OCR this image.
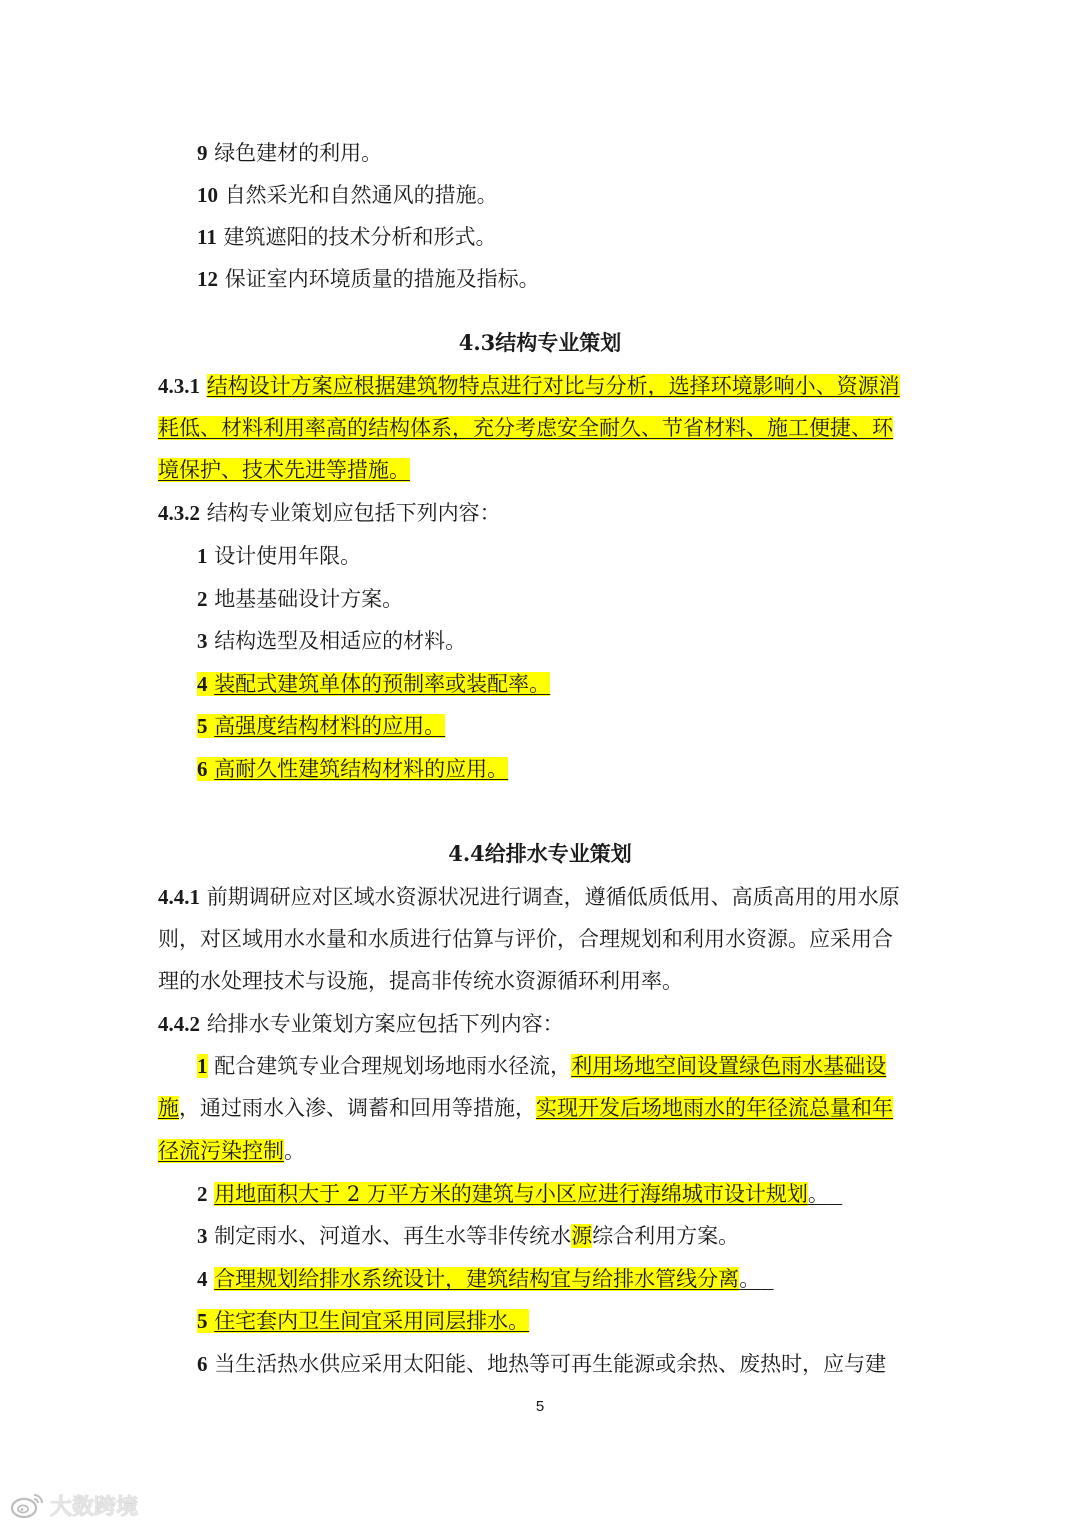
9 绿色建材的利用。
10 自然采光和自然通风的措施。
11 建筑遮阳的技术分析和形式。
12 保证室内环境质量的措施及指标。
4.3结构专业策划
4.3.1 结构设计方案应根据建筑物特点进行对比与分析，选择环境影响小、资源消
耗低、材料利用率高的结构体系，充分考虑安全耐久、节省材料、施工便捷、环
境保护、技术先进等措施。
4.3.2 结构专业策划应包括下列内容：
1 设计使用年限。
2 地基基础设计方案。
3 结构选型及相适应的材料。
4 装配式建筑单体的预制率或装配率。
5 高强度结构材料的应用。
6 高耐久性建筑结构材料的应用。
4.4给排水专业策划
4.4.1 前期调研应对区域水资源状况进行调查，遵循低质低用、高质高用的用水原
则，对区域用水水量和水质进行估算与评价，合理规划和利用水资源。应采用合
理的水处理技术与设施，提高非传统水资源循环利用率。
4.4.2 给排水专业策划方案应包括下列内容：
1 配合建筑专业合理规划场地雨水径流，利用场地空间设置绿色雨水基础设
施，通过雨水入渗、调蓄和回用等措施，实现开发后场地雨水的年径流总量和年
径流污染控制。
2 用地面积大于 2 万平方米的建筑与小区应进行海绵城市设计规划。
3 制定雨水、河道水、再生水等非传统水源综合利用方案。
4 合理规划给排水系统设计，建筑结构宜与给排水管线分离。
5 住宅套内卫生间宜采用同层排水。
6 当生活热水供应采用太阳能、地热等可再生能源或余热、废热时，应与建
5
大数跨境
